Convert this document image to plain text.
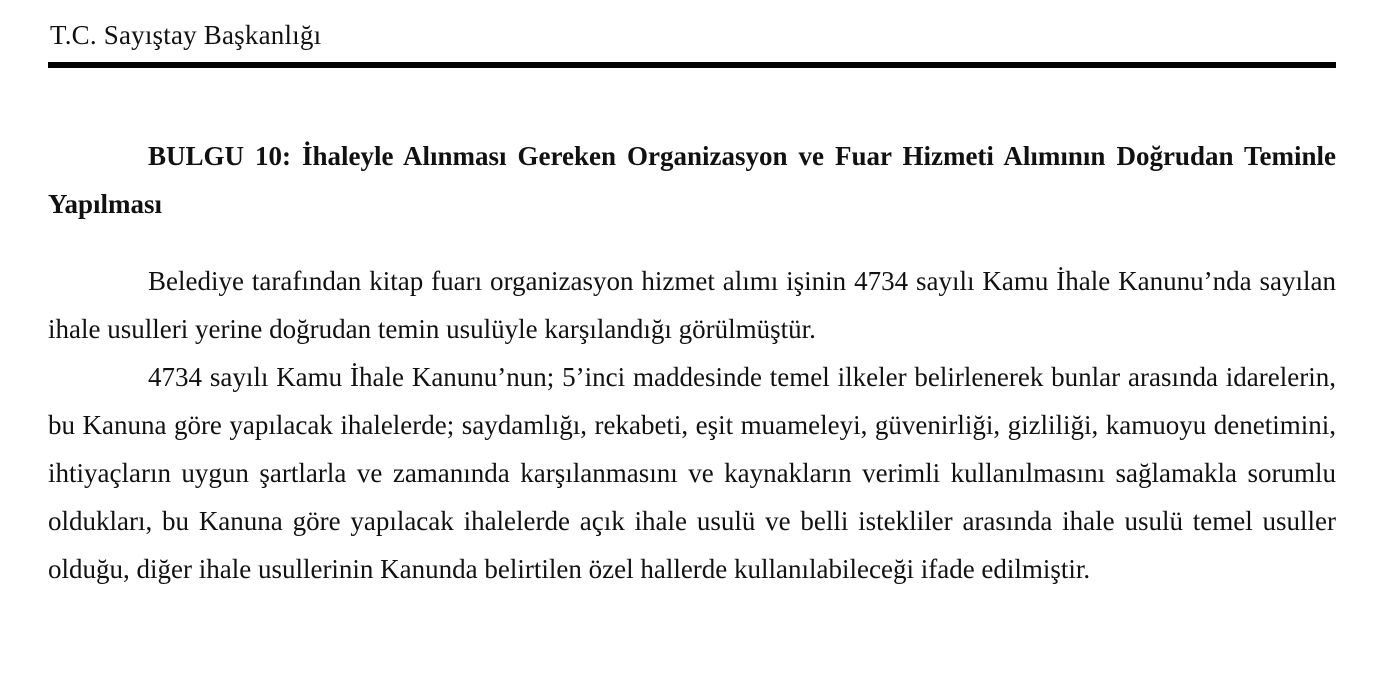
T.C. Sayıştay Başkanlığı

BULGU 10: İhaleyle Alınması Gereken Organizasyon ve Fuar Hizmeti Alımının Doğrudan Teminle Yapılması

Belediye tarafından kitap fuarı organizasyon hizmet alımı işinin 4734 sayılı Kamu İhale Kanunu’nda sayılan ihale usulleri yerine doğrudan temin usulüyle karşılandığı görülmüştür.

4734 sayılı Kamu İhale Kanunu’nun; 5’inci maddesinde temel ilkeler belirlenerek bunlar arasında idarelerin, bu Kanuna göre yapılacak ihalelerde; saydamlığı, rekabeti, eşit muameleyi, güvenirliği, gizliliği, kamuoyu denetimini, ihtiyaçların uygun şartlarla ve zamanında karşılanmasını ve kaynakların verimli kullanılmasını sağlamakla sorumlu oldukları, bu Kanuna göre yapılacak ihalelerde açık ihale usulü ve belli istekliler arasında ihale usulü temel usuller olduğu, diğer ihale usullerinin Kanunda belirtilen özel hallerde kullanılabileceği ifade edilmiştir.
